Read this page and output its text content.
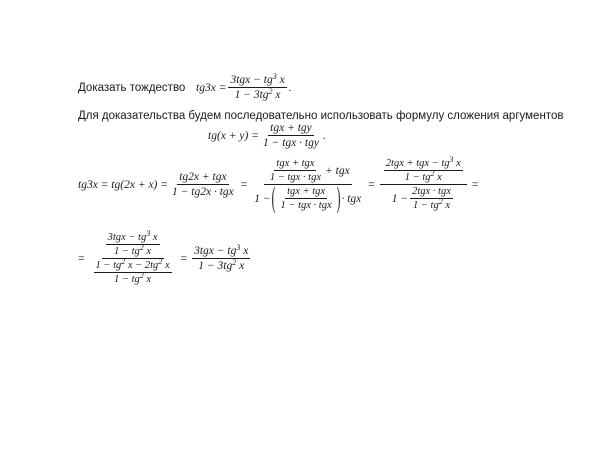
Доказать тождество $tg3x = \frac{3tgx - tg^3 x}{1 - 3tg^2 x}$ .
Для доказательства будем последовательно использовать формулу сложения аргументов
$tg(x + y) = \frac{\text{tgx + tgy}}{\text{1 − tgx · tgy}}$ .
$tg3x = tg(2x + x) = \frac{\text{tg2x + tgx}}{\text{1 − tg2x · tgx}}$ =
$\frac{\text{tgx + tgx}}{\text{1 − tgx · tgx}}$ + tgx
1 − ( $\frac{\text{tgx + tgx}}{\text{1 − tgx · tgx}}$ ) · tgx
= $\frac{\frac{2tgx + tgx - tg^3 x}{1 - tg^2 x}}{1 - \frac{\text{2tgx · tgx}}{1 - tg^2 x}}$ =
= $\frac{\frac{3tgx - tg^3 x}{1 - tg^2 x}}{\frac{1 - tg^2 x - 2tg^2 x}{1 - tg^2 x}} = \frac{3tgx - tg^3 x}{1 - 3tg^2 x}$
